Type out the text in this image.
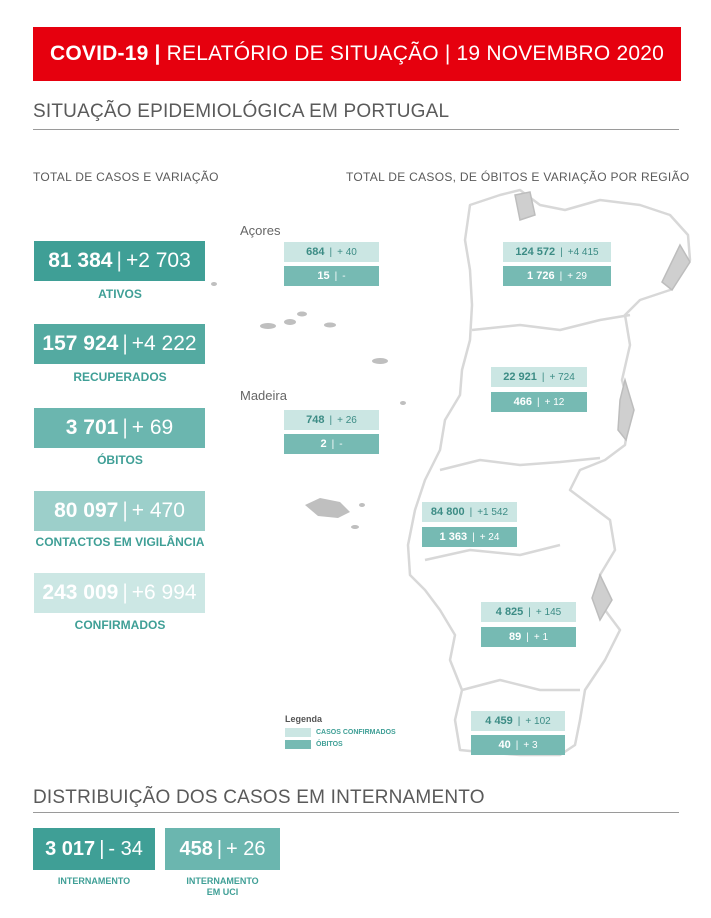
COVID-19 |
RELATÓRIO DE SITUAÇÃO | 19 NOVEMBRO 2020
SITUAÇÃO EPIDEMIOLÓGICA EM PORTUGAL
TOTAL DE CASOS E VARIAÇÃO	TOTAL DE CASOS, DE ÓBITOS E VARIAÇÃO POR REGIÃO
81 384 | +2 703
ATIVOS
157 924 | +4 222
RECUPERADOS
3 701 | + 69
ÓBITOS
80 097 | + 470
CONTACTOS EM VIGILÂNCIA
243 009 | +6 994
CONFIRMADOS
Açores
Madeira
684 | + 40
15 | -
748 | + 26
2 | -
124 572 | +4 415
1 726 | + 29
22 921 | + 724
466 | + 12
84 800 | +1 542
1 363 | + 24
4 825 | + 145
89 | + 1
4 459 | + 102
40 | + 3
Legenda
CASOS CONFIRMADOS
ÓBITOS
DISTRIBUIÇÃO DOS CASOS EM INTERNAMENTO
3 017 | - 34
INTERNAMENTO
458 | + 26
INTERNAMENTO
EM UCI
